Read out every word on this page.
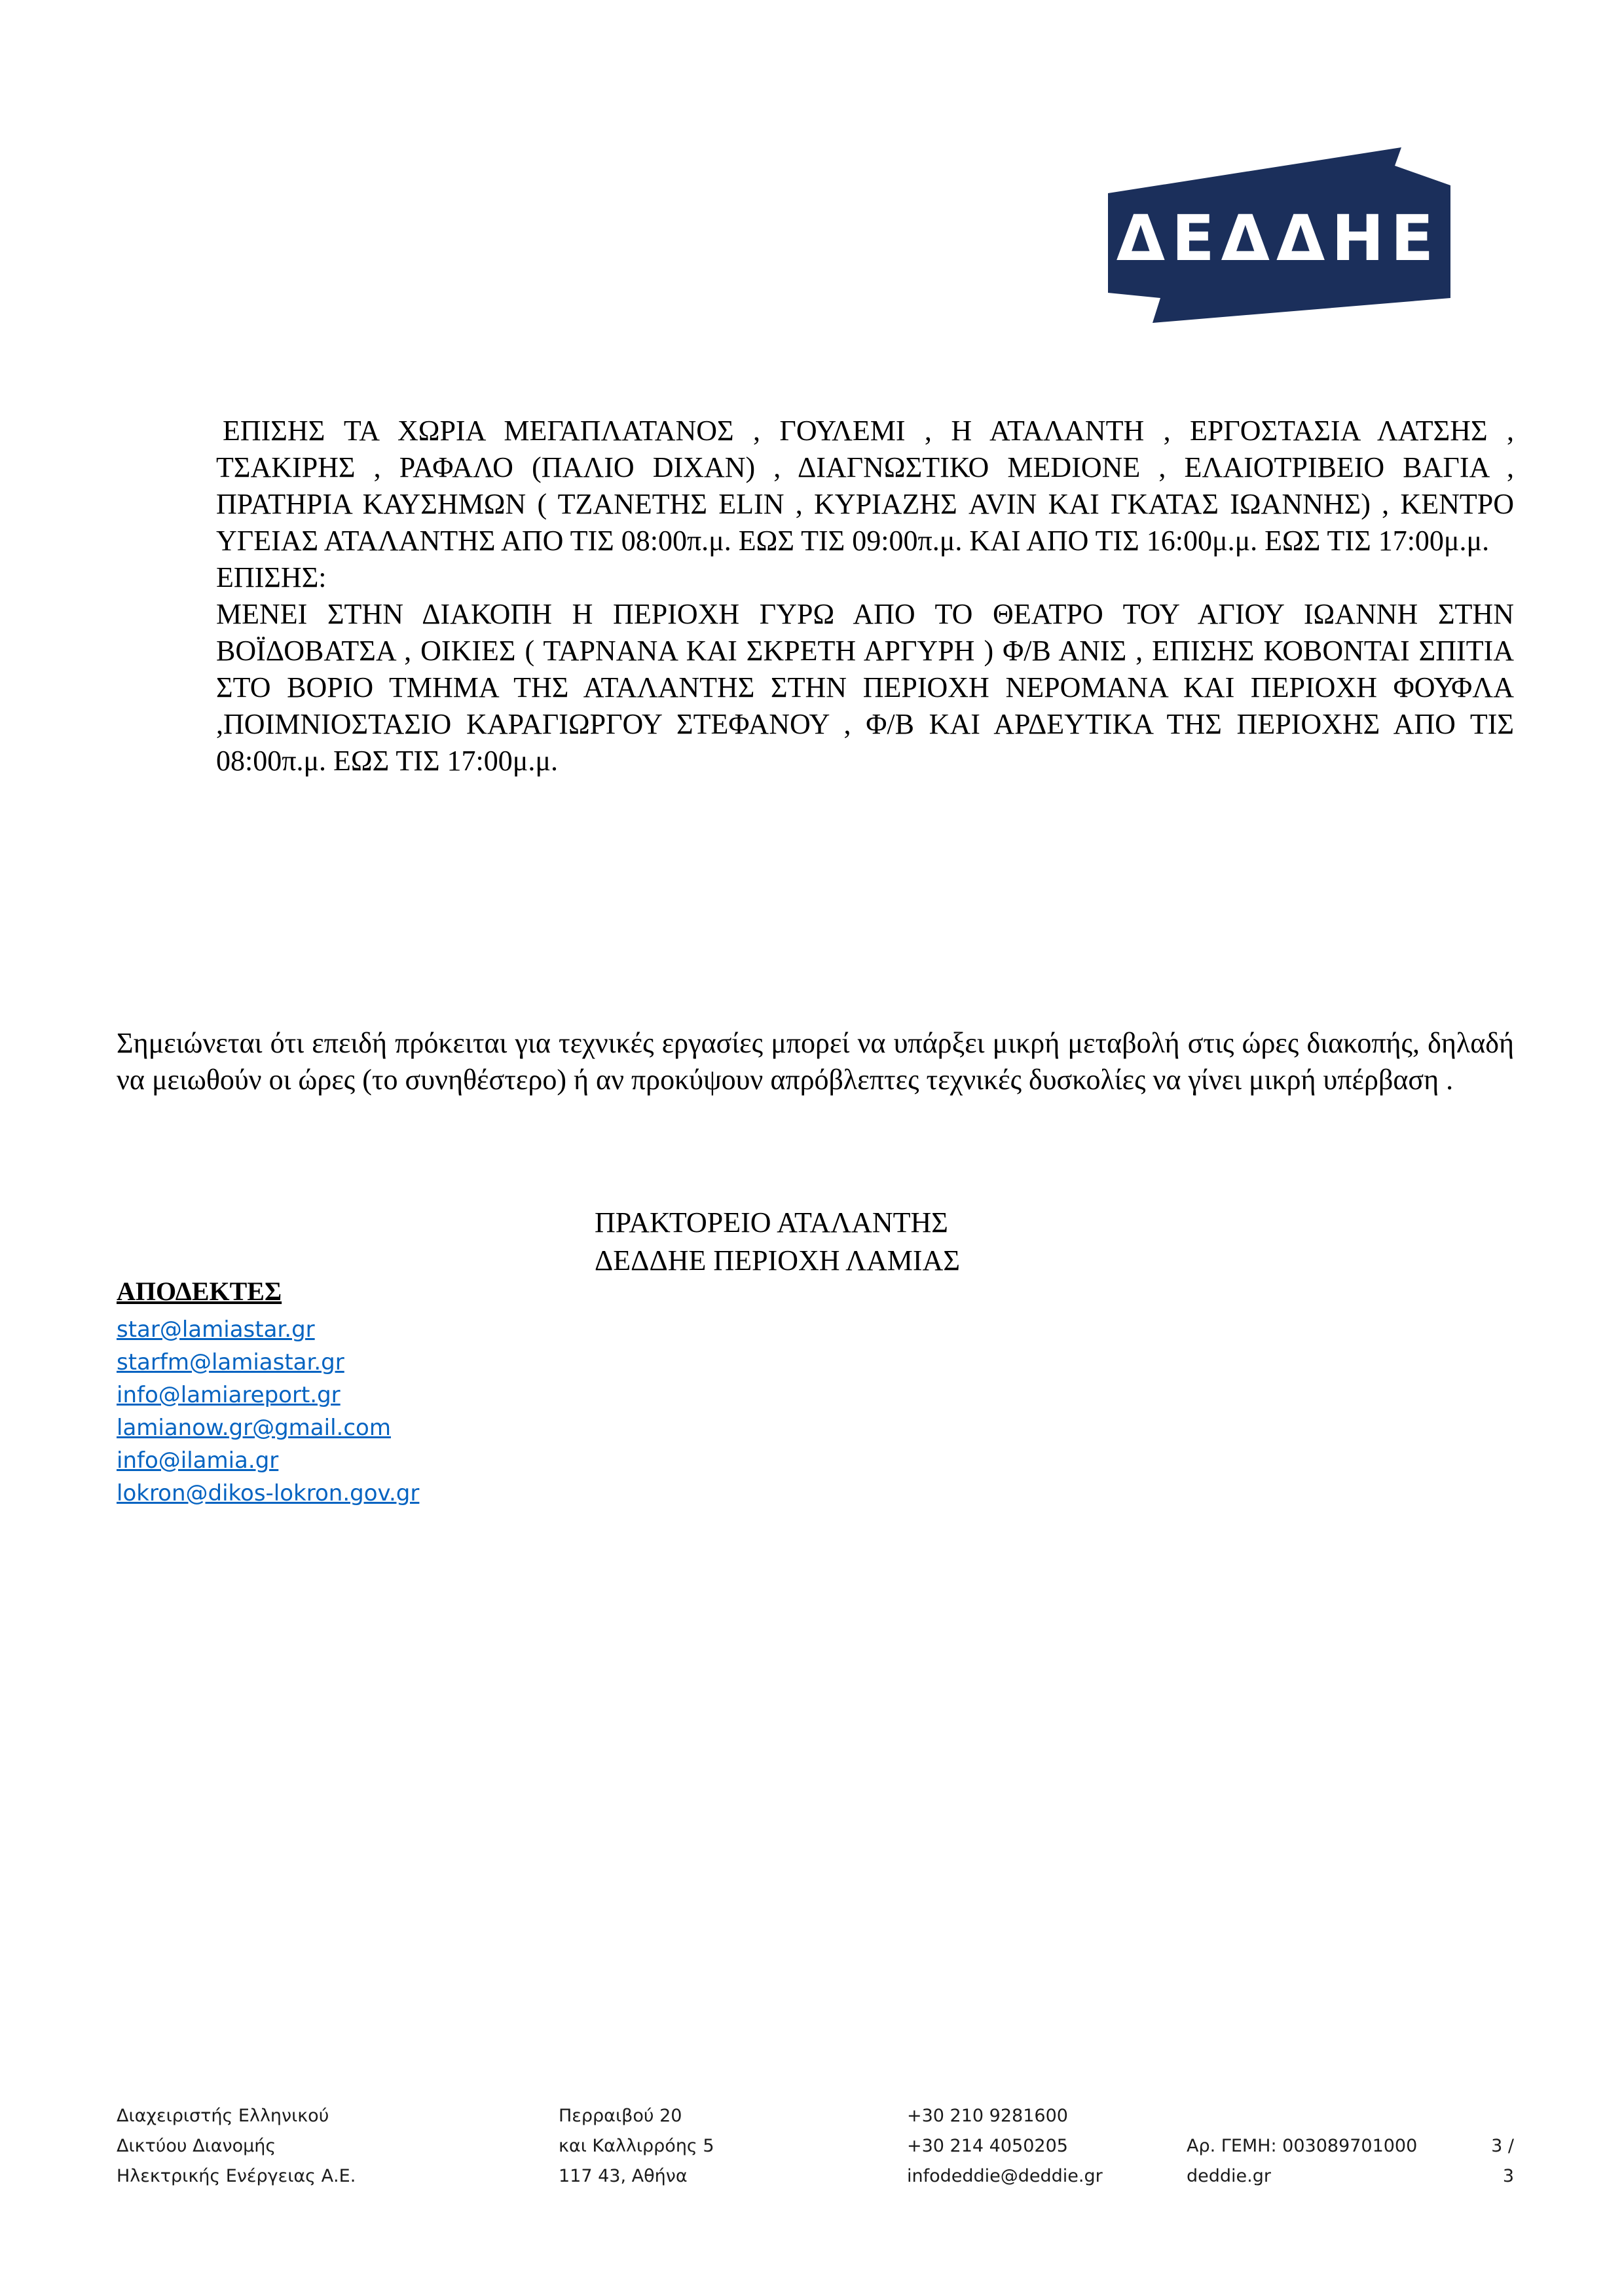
ΔΕΔΔΗΕ

ΕΠΙΣΗΣ ΤΑ ΧΩΡΙΑ ΜΕΓΑΠΛΑΤΑΝΟΣ , ΓΟΥΛΕΜΙ , Η ΑΤΑΛΑΝΤΗ , ΕΡΓΟΣΤΑΣΙΑ ΛΑΤΣΗΣ , ΤΣΑΚΙΡΗΣ , ΡΑΦΑΛΟ (ΠΑΛΙΟ DIXAN) , ΔΙΑΓΝΩΣΤΙΚΟ MEDIONE , ΕΛΑΙΟΤΡΙΒΕΙΟ ΒΑΓΙΑ , ΠΡΑΤΗΡΙΑ ΚΑΥΣΗΜΩΝ ( ΤΖΑΝΕΤΗΣ ELIN , ΚΥΡΙΑΖΗΣ AVIN ΚΑΙ ΓΚΑΤΑΣ ΙΩΑΝΝΗΣ) , ΚΕΝΤΡΟ ΥΓΕΙΑΣ ΑΤΑΛΑΝΤΗΣ ΑΠΟ ΤΙΣ 08:00π.μ. ΕΩΣ ΤΙΣ 09:00π.μ. ΚΑΙ ΑΠΟ ΤΙΣ 16:00μ.μ. ΕΩΣ ΤΙΣ 17:00μ.μ.

ΕΠΙΣΗΣ:

ΜΕΝΕΙ ΣΤΗΝ ΔΙΑΚΟΠΗ Η ΠΕΡΙΟΧΗ ΓΥΡΩ ΑΠΟ ΤΟ ΘΕΑΤΡΟ ΤΟΥ ΑΓΙΟΥ ΙΩΑΝΝΗ ΣΤΗΝ ΒΟΪΔΟΒΑΤΣΑ , ΟΙΚΙΕΣ ( ΤΑΡΝΑΝΑ ΚΑΙ ΣΚΡΕΤΗ ΑΡΓΥΡΗ ) Φ/Β ΑΝΙΣ , ΕΠΙΣΗΣ ΚΟΒΟΝΤΑΙ ΣΠΙΤΙΑ ΣΤΟ ΒΟΡΙΟ ΤΜΗΜΑ ΤΗΣ ΑΤΑΛΑΝΤΗΣ ΣΤΗΝ ΠΕΡΙΟΧΗ ΝΕΡΟΜΑΝΑ ΚΑΙ ΠΕΡΙΟΧΗ ΦΟΥΦΛΑ ,ΠΟΙΜΝΙΟΣΤΑΣΙΟ ΚΑΡΑΓΙΩΡΓΟΥ ΣΤΕΦΑΝΟΥ , Φ/Β ΚΑΙ ΑΡΔΕΥΤΙΚΑ ΤΗΣ ΠΕΡΙΟΧΗΣ ΑΠΟ ΤΙΣ 08:00π.μ. ΕΩΣ ΤΙΣ 17:00μ.μ.

Σημειώνεται ότι επειδή πρόκειται για τεχνικές εργασίες μπορεί να υπάρξει μικρή μεταβολή στις ώρες διακοπής, δηλαδή να μειωθούν οι ώρες (το συνηθέστερο) ή αν προκύψουν απρόβλεπτες τεχνικές δυσκολίες να γίνει μικρή υπέρβαση .

ΠΡΑΚΤΟΡΕΙΟ ΑΤΑΛΑΝΤΗΣ
ΔΕΔΔΗΕ ΠΕΡΙΟΧΗ ΛΑΜΙΑΣ
ΑΠΟΔΕΚΤΕΣ
star@lamiastar.gr
starfm@lamiastar.gr
info@lamiareport.gr
lamianow.gr@gmail.com
info@ilamia.gr
lokron@dikos-lokron.gov.gr
Διαχειριστής Ελληνικού
Δικτύου Διανομής
Ηλεκτρικής Ενέργειας Α.Ε.
Περραιβού 20
και Καλλιρρόης 5
117 43, Αθήνα
+30 210 9281600
+30 214 4050205
infodeddie@deddie.gr
Αρ. ΓΕΜΗ: 003089701000
deddie.gr
3 /
3
